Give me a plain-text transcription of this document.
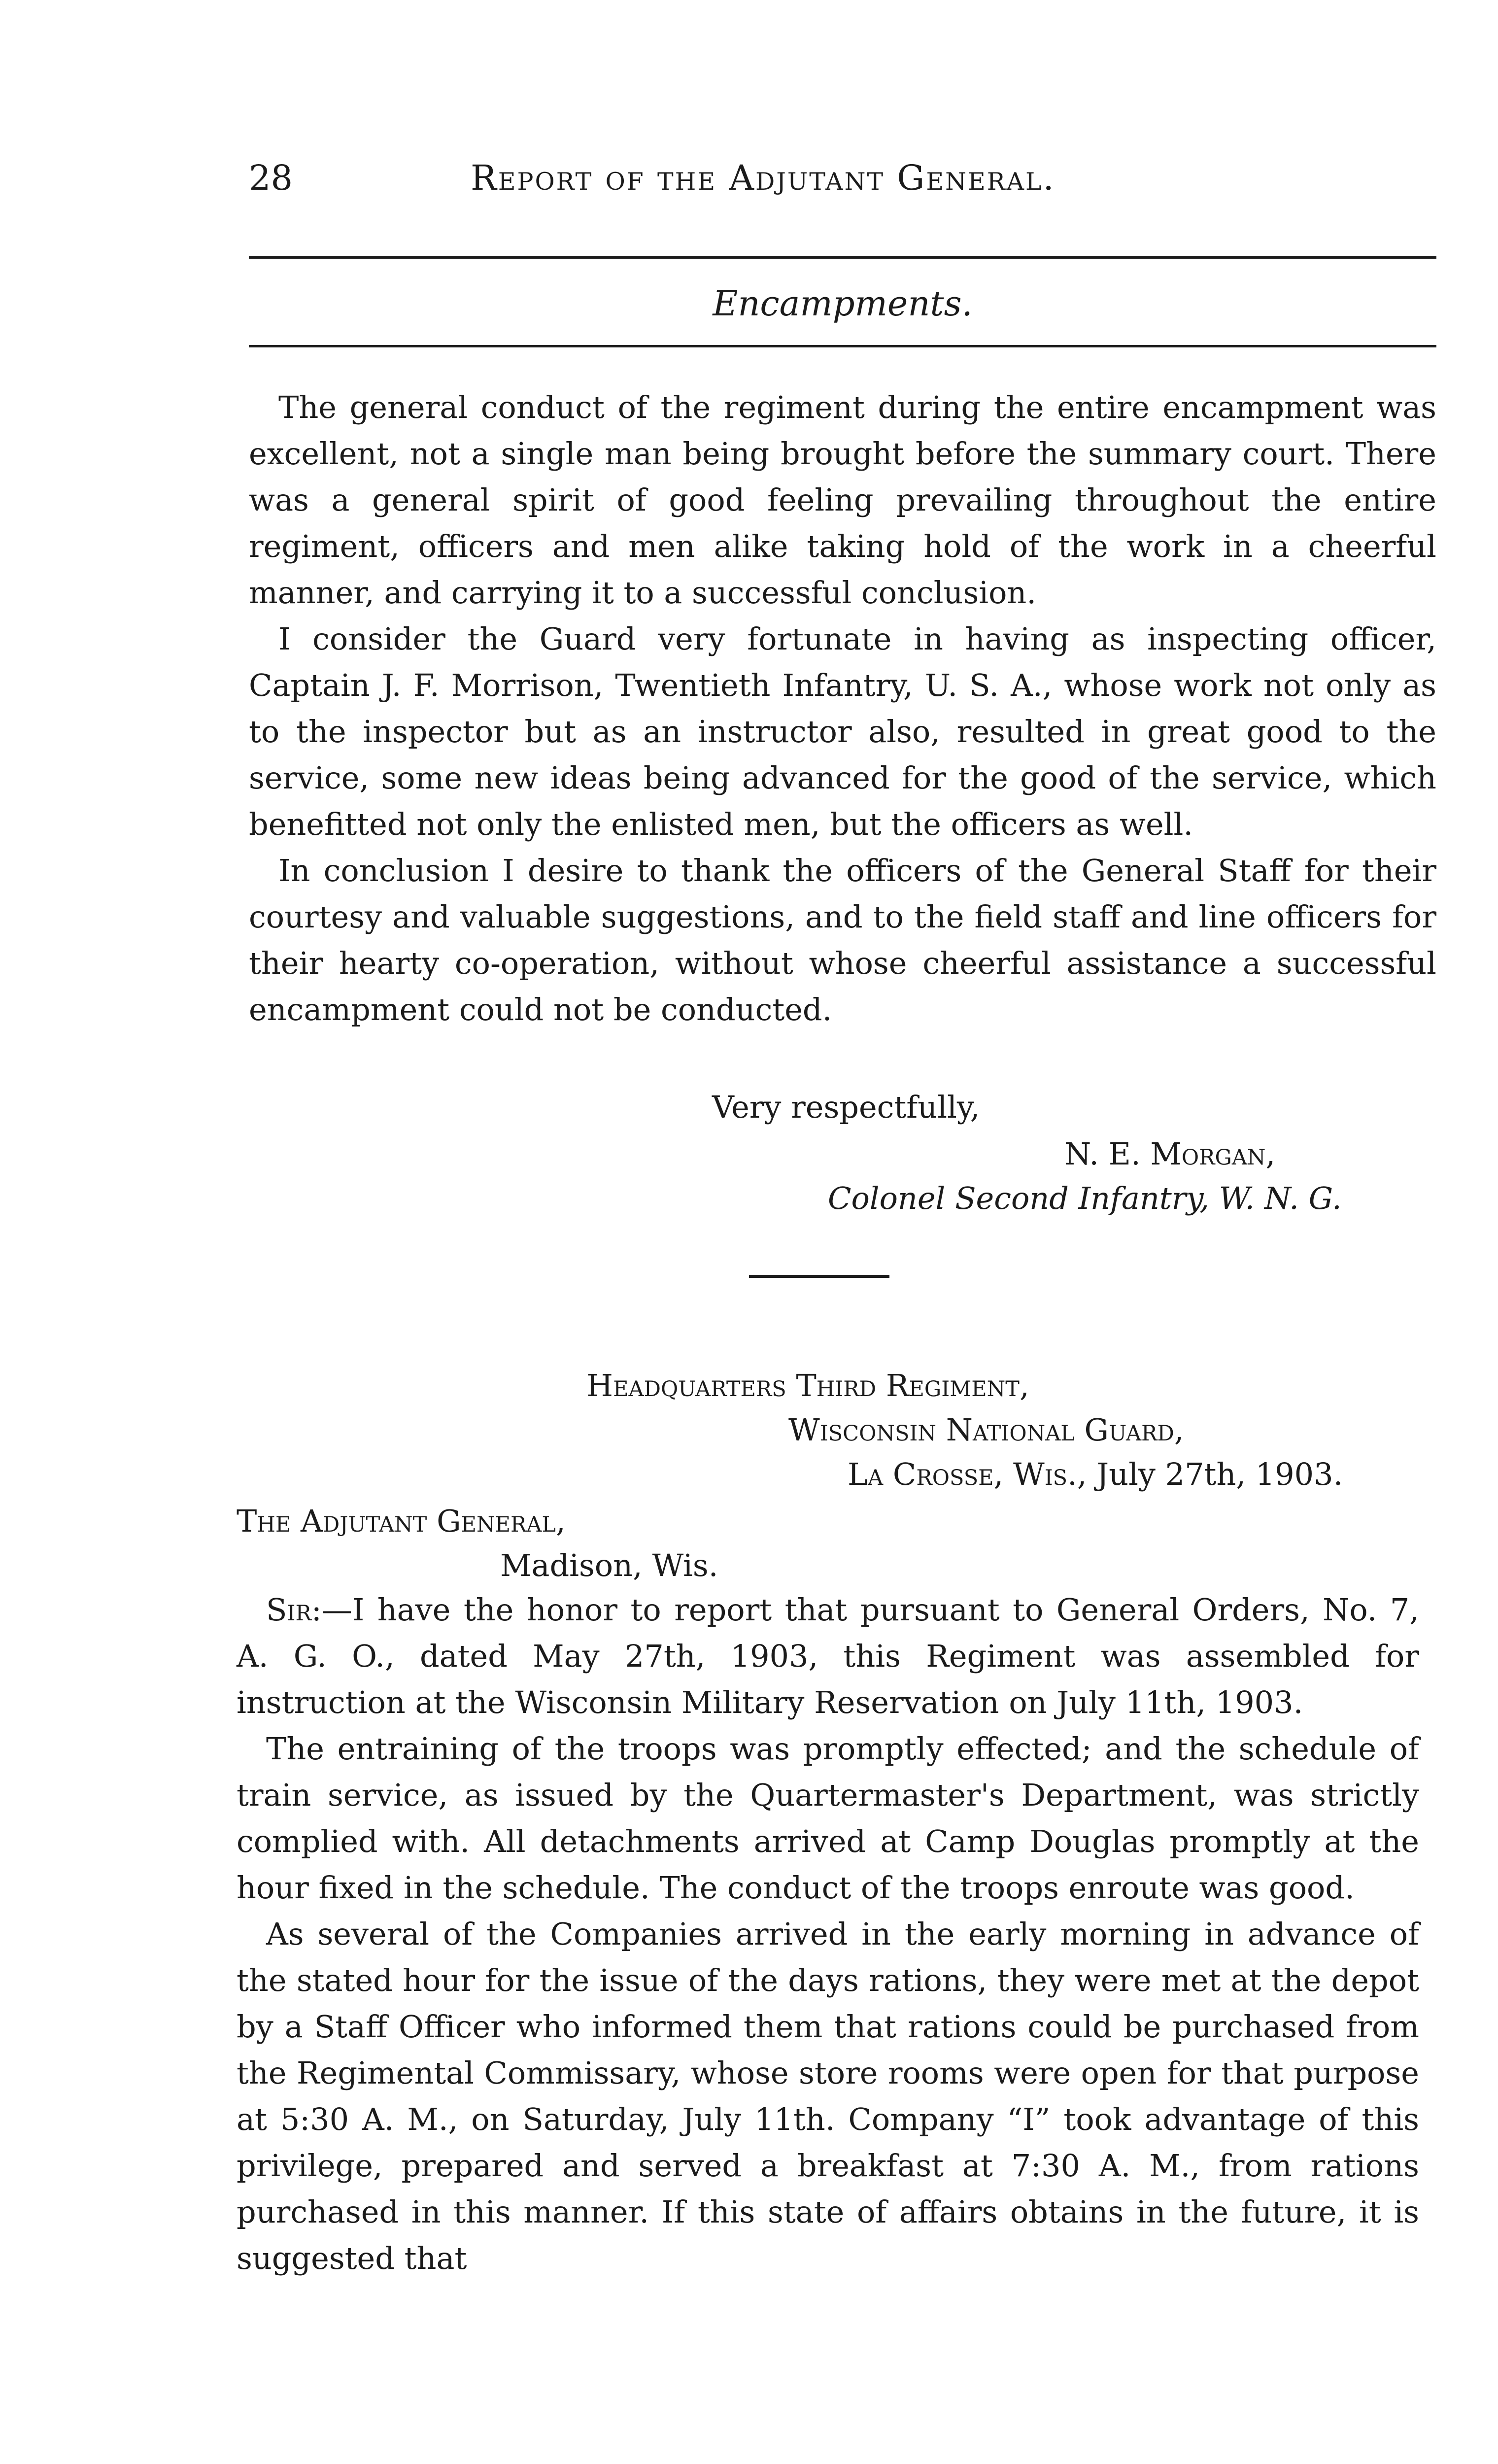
28	Report of the Adjutant General.
Encampments.

The general conduct of the regiment during the entire encampment was excellent, not a single man being brought before the summary court. There was a general spirit of good feeling prevailing throughout the entire regiment, officers and men alike taking hold of the work in a cheerful manner, and carrying it to a successful conclusion.

I consider the Guard very fortunate in having as inspecting officer, Captain J. F. Morrison, Twentieth Infantry, U. S. A., whose work not only as to the inspector but as an instructor also, resulted in great good to the service, some new ideas being advanced for the good of the service, which benefitted not only the enlisted men, but the officers as well.

In conclusion I desire to thank the officers of the General Staff for their courtesy and valuable suggestions, and to the field staff and line officers for their hearty co-operation, without whose cheerful assistance a successful encampment could not be conducted.

Very respectfully,
N. E. Morgan,
Colonel Second Infantry, W. N. G.
Headquarters Third Regiment,
Wisconsin National Guard,
La Crosse, Wis., July 27th, 1903.
The Adjutant General,
Madison, Wis.

Sir:—I have the honor to report that pursuant to General Orders, No. 7, A. G. O., dated May 27th, 1903, this Regiment was assembled for instruction at the Wisconsin Military Reservation on July 11th, 1903.

The entraining of the troops was promptly effected; and the schedule of train service, as issued by the Quartermaster's Department, was strictly complied with. All detachments arrived at Camp Douglas promptly at the hour fixed in the schedule. The conduct of the troops enroute was good.

As several of the Companies arrived in the early morning in advance of the stated hour for the issue of the days rations, they were met at the depot by a Staff Officer who informed them that rations could be purchased from the Regimental Commissary, whose store rooms were open for that purpose at 5:30 A. M., on Saturday, July 11th. Company “I” took advantage of this privilege, prepared and served a breakfast at 7:30 A. M., from rations purchased in this manner. If this state of affairs obtains in the future, it is suggested that
